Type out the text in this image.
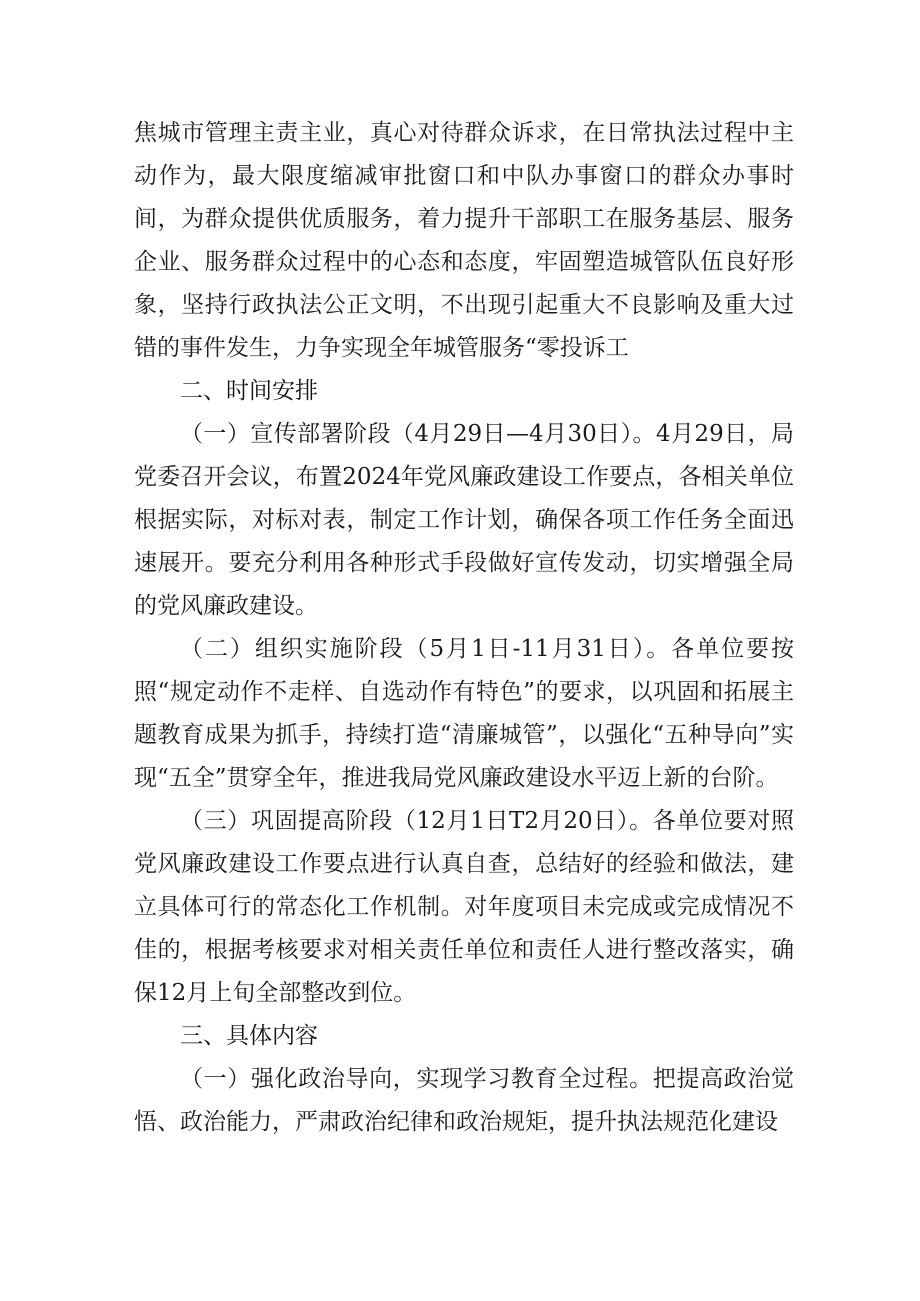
焦城市管理主责主业，真心对待群众诉求，在日常执法过程中主动作为，最大限度缩减审批窗口和中队办事窗口的群众办事时间，为群众提供优质服务，着力提升干部职工在服务基层、服务企业、服务群众过程中的心态和态度，牢固塑造城管队伍良好形象，坚持行政执法公正文明，不出现引起重大不良影响及重大过错的事件发生，力争实现全年城管服务“零投诉工

二、时间安排

（一）宣传部署阶段（4月29日—4月30日）。4月29日，局党委召开会议，布置2024年党风廉政建设工作要点，各相关单位根据实际，对标对表，制定工作计划，确保各项工作任务全面迅速展开。要充分利用各种形式手段做好宣传发动，切实增强全局的党风廉政建设。

（二）组织实施阶段（5月1日-11月31日）。各单位要按照“规定动作不走样、自选动作有特色”的要求，以巩固和拓展主题教育成果为抓手，持续打造“清廉城管”，以强化“五种导向”实现“五全”贯穿全年，推进我局党风廉政建设水平迈上新的台阶。

（三）巩固提高阶段（12月1日T2月20日）。各单位要对照党风廉政建设工作要点进行认真自查，总结好的经验和做法，建立具体可行的常态化工作机制。对年度项目未完成或完成情况不佳的，根据考核要求对相关责任单位和责任人进行整改落实，确保12月上旬全部整改到位。

三、具体内容

（一）强化政治导向，实现学习教育全过程。把提高政治觉悟、政治能力，严肃政治纪律和政治规矩，提升执法规范化建设
